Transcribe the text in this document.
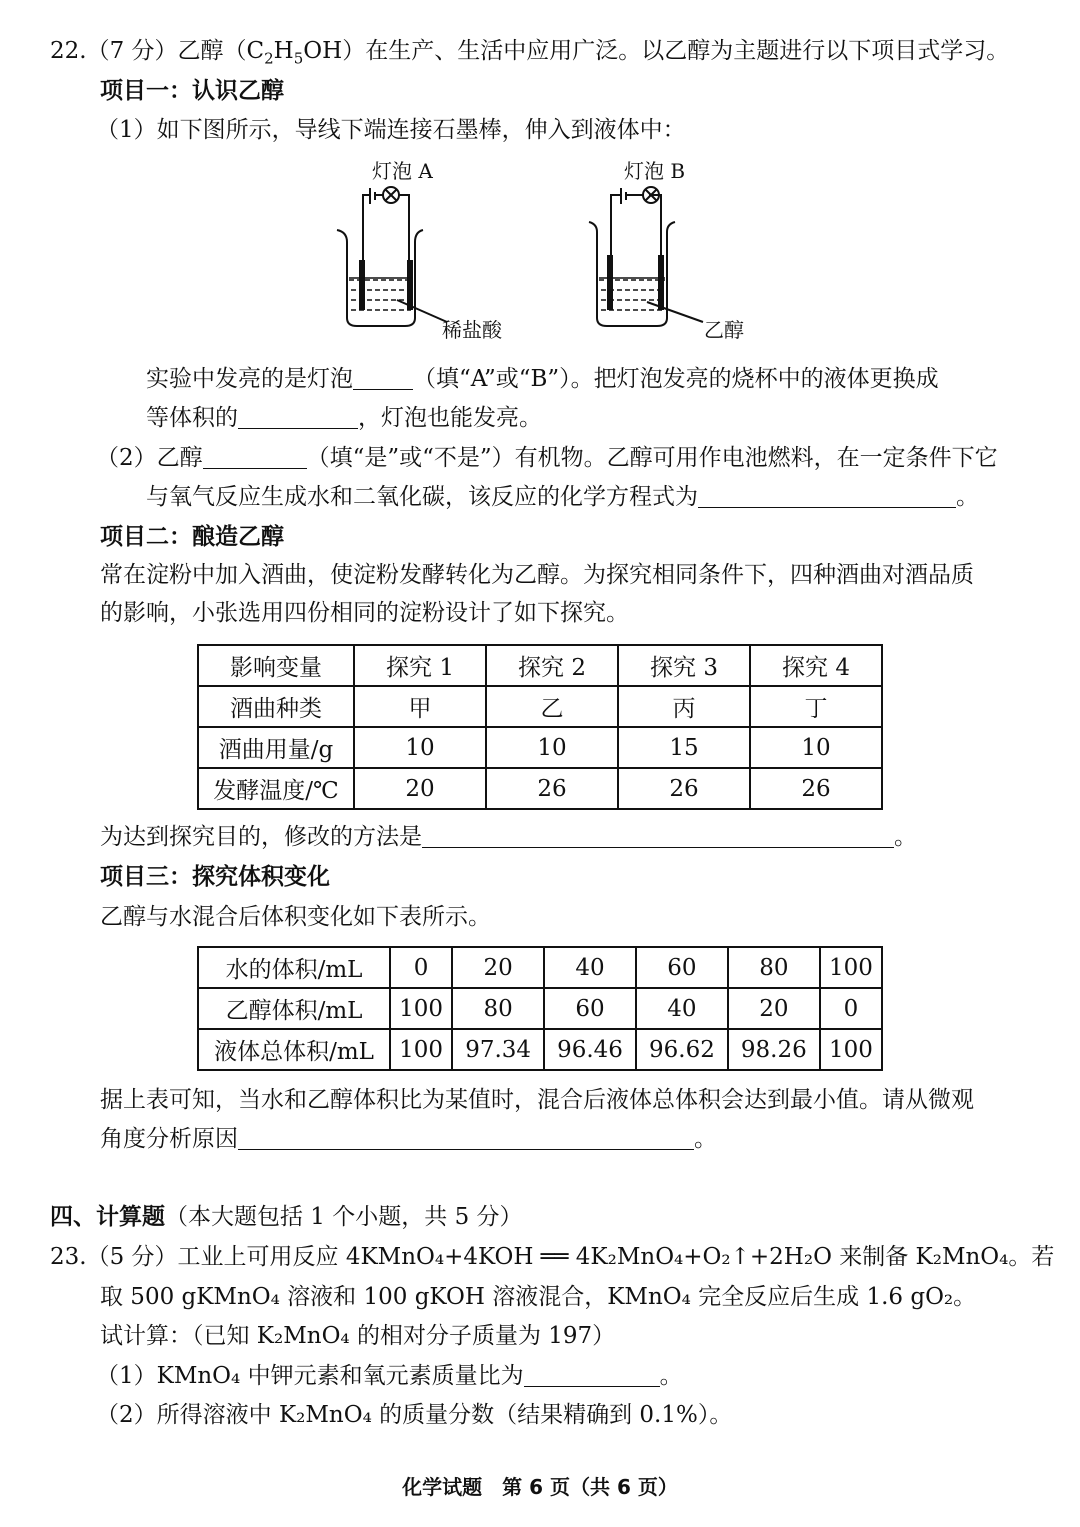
22.（7 分）乙醇$(C_2H_5OH)$在生产、生活中应用广泛。以乙醇为主题进行以下项目式学习。
项目一：认识乙醇
（1）如下图所示，导线下端连接石墨棒，伸入到液体中：
灯泡 A
稀盐酸
灯泡 B
乙醇
实验中发亮的是灯泡	（填“A”或“B”）。把灯泡发亮的烧杯中的液体更换成
等体积的	，灯泡也能发亮。
（2）乙醇	（填“是”或“不是”）有机物。乙醇可用作电池燃料，在一定条件下它
与氧气反应生成水和二氧化碳，该反应的化学方程式为	。
项目二：酿造乙醇
常在淀粉中加入酒曲，使淀粉发酵转化为乙醇。为探究相同条件下，四种酒曲对酒品质
的影响，小张选用四份相同的淀粉设计了如下探究。
影响变量	探究 1	探究 2	探究 3	探究 4
酒曲种类	甲	乙	丙	丁
酒曲用量/g	10	10	15	10
发酵温度/℃	20	26	26	26
为达到探究目的，修改的方法是	。
项目三：探究体积变化
乙醇与水混合后体积变化如下表所示。
水的体积/mL	0	20	40	60	80	100
乙醇体积/mL	100	80	60	40	20	0
液体总体积/mL	100	97.34	96.46	96.62	98.26	100
据上表可知，当水和乙醇体积比为某值时，混合后液体总体积会达到最小值。请从微观
角度分析原因	。
四、计算题（本大题包括 1 个小题，共 5 分）
23.（5 分）工业上可用反应 4KMnO₄+4KOH ══ 4K₂MnO₄+O₂↑+2H₂O 来制备 K₂MnO₄。若
取 500 gKMnO₄ 溶液和 100 gKOH 溶液混合，KMnO₄ 完全反应后生成 1.6 gO₂。
试计算：（已知 K₂MnO₄ 的相对分子质量为 197）
（1）KMnO₄ 中钾元素和氧元素质量比为	。
（2）所得溶液中 K₂MnO₄ 的质量分数（结果精确到 0.1%）。
化学试题　第 6 页（共 6 页）
